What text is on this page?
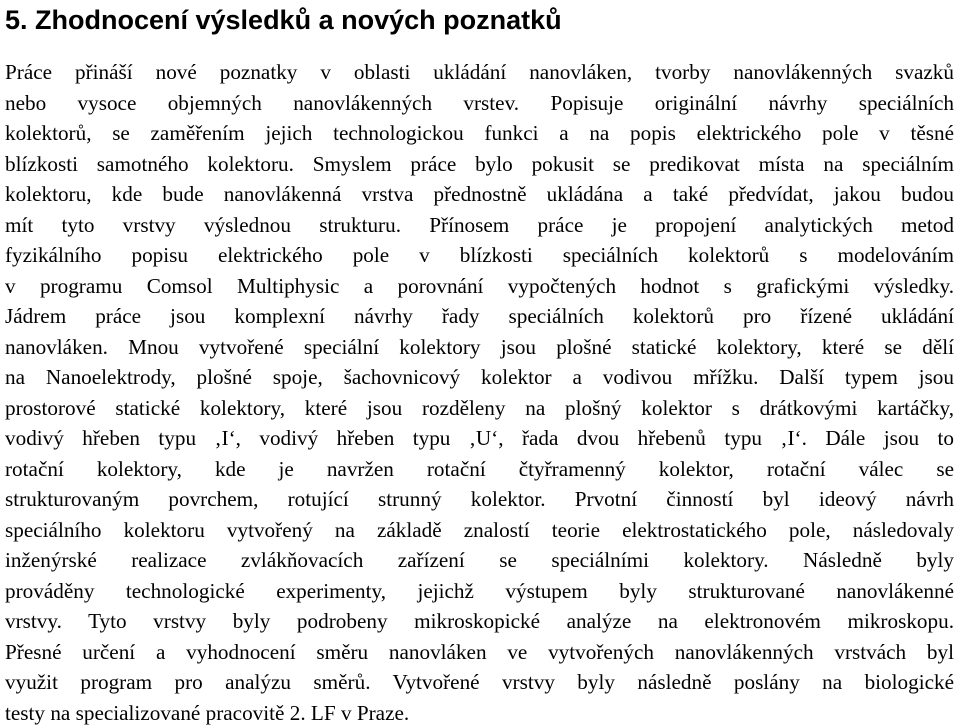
5. Zhodnocení výsledků a nových poznatků
Práce přináší nové poznatky v oblasti ukládání nanovláken, tvorby nanovlákenných svazků
nebo vysoce objemných nanovlákenných vrstev. Popisuje originální návrhy speciálních
kolektorů, se zaměřením jejich technologickou funkci a na popis elektrického pole v těsné
blízkosti samotného kolektoru. Smyslem práce bylo pokusit se predikovat místa na speciálním
kolektoru, kde bude nanovlákenná vrstva přednostně ukládána a také předvídat, jakou budou
mít tyto vrstvy výslednou strukturu. Přínosem práce je propojení analytických metod
fyzikálního popisu elektrického pole v blízkosti speciálních kolektorů s modelováním
v programu Comsol Multiphysic a porovnání vypočtených hodnot s grafickými výsledky.
Jádrem práce jsou komplexní návrhy řady speciálních kolektorů pro řízené ukládání
nanovláken. Mnou vytvořené speciální kolektory jsou plošné statické kolektory, které se dělí
na Nanoelektrody, plošné spoje, šachovnicový kolektor a vodivou mřížku. Další typem jsou
prostorové statické kolektory, které jsou rozděleny na plošný kolektor s drátkovými kartáčky,
vodivý hřeben typu ‚I‘, vodivý hřeben typu ‚U‘, řada dvou hřebenů typu ‚I‘. Dále jsou to
rotační kolektory, kde je navržen rotační čtyřramenný kolektor, rotační válec se
strukturovaným povrchem, rotující strunný kolektor. Prvotní činností byl ideový návrh
speciálního kolektoru vytvořený na základě znalostí teorie elektrostatického pole, následovaly
inženýrské realizace zvlákňovacích zařízení se speciálními kolektory. Následně byly
prováděny technologické experimenty, jejichž výstupem byly strukturované nanovlákenné
vrstvy. Tyto vrstvy byly podrobeny mikroskopické analýze na elektronovém mikroskopu.
Přesné určení a vyhodnocení směru nanovláken ve vytvořených nanovlákenných vrstvách byl
využit program pro analýzu směrů. Vytvořené vrstvy byly následně poslány na biologické
testy na specializované pracovitě 2. LF v Praze.
